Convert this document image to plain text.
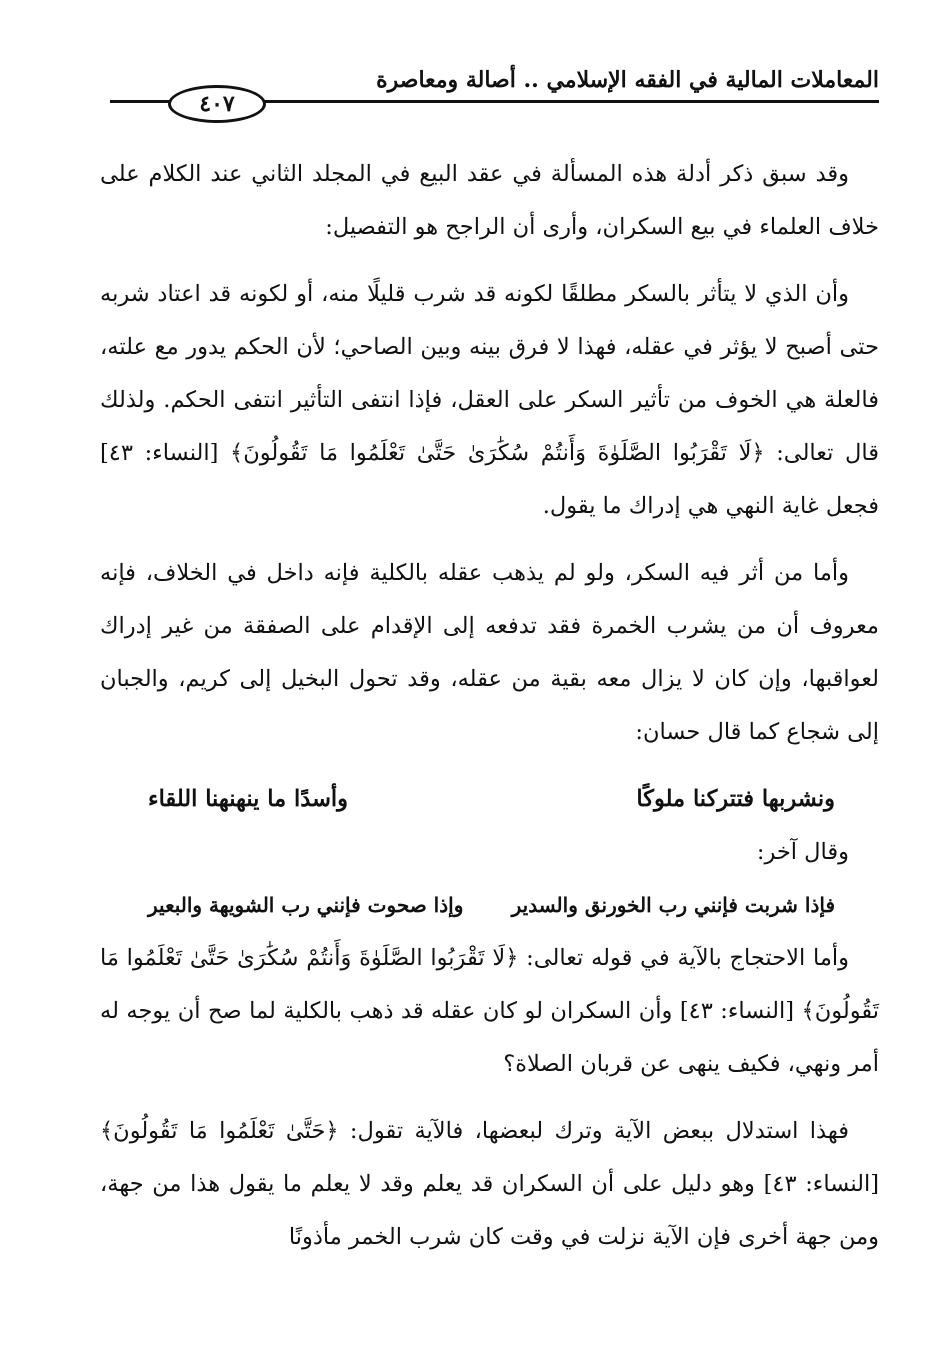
المعاملات المالية في الفقه الإسلامي .. أصالة ومعاصرة
٤٠٧

وقد سبق ذكر أدلة هذه المسألة في عقد البيع في المجلد الثاني عند الكلام على خلاف العلماء في بيع السكران، وأرى أن الراجح هو التفصيل:

وأن الذي لا يتأثر بالسكر مطلقًا لكونه قد شرب قليلًا منه، أو لكونه قد اعتاد شربه حتى أصبح لا يؤثر في عقله، فهذا لا فرق بينه وبين الصاحي؛ لأن الحكم يدور مع علته، فالعلة هي الخوف من تأثير السكر على العقل، فإذا انتفى التأثير انتفى الحكم. ولذلك قال تعالى: ﴿لَا تَقْرَبُوا الصَّلَوٰةَ وَأَنتُمْ سُكَٰرَىٰ حَتَّىٰ تَعْلَمُوا مَا تَقُولُونَ﴾ [النساء: ٤٣] فجعل غاية النهي هي إدراك ما يقول.

وأما من أثر فيه السكر، ولو لم يذهب عقله بالكلية فإنه داخل في الخلاف، فإنه معروف أن من يشرب الخمرة فقد تدفعه إلى الإقدام على الصفقة من غير إدراك لعواقبها، وإن كان لا يزال معه بقية من عقله، وقد تحول البخيل إلى كريم، والجبان إلى شجاع كما قال حسان:

ونشربها فتتركنا ملوكًا
وأسدًا ما ينهنهنا اللقاء

وقال آخر:

فإذا شربت فإنني رب الخورنق والسدير
وإذا صحوت فإنني رب الشويهة والبعير

وأما الاحتجاج بالآية في قوله تعالى: ﴿لَا تَقْرَبُوا الصَّلَوٰةَ وَأَنتُمْ سُكَٰرَىٰ حَتَّىٰ تَعْلَمُوا مَا تَقُولُونَ﴾ [النساء: ٤٣] وأن السكران لو كان عقله قد ذهب بالكلية لما صح أن يوجه له أمر ونهي، فكيف ينهى عن قربان الصلاة؟

فهذا استدلال ببعض الآية وترك لبعضها، فالآية تقول: ﴿حَتَّىٰ تَعْلَمُوا مَا تَقُولُونَ﴾ [النساء: ٤٣] وهو دليل على أن السكران قد يعلم وقد لا يعلم ما يقول هذا من جهة، ومن جهة أخرى فإن الآية نزلت في وقت كان شرب الخمر مأذونًا
